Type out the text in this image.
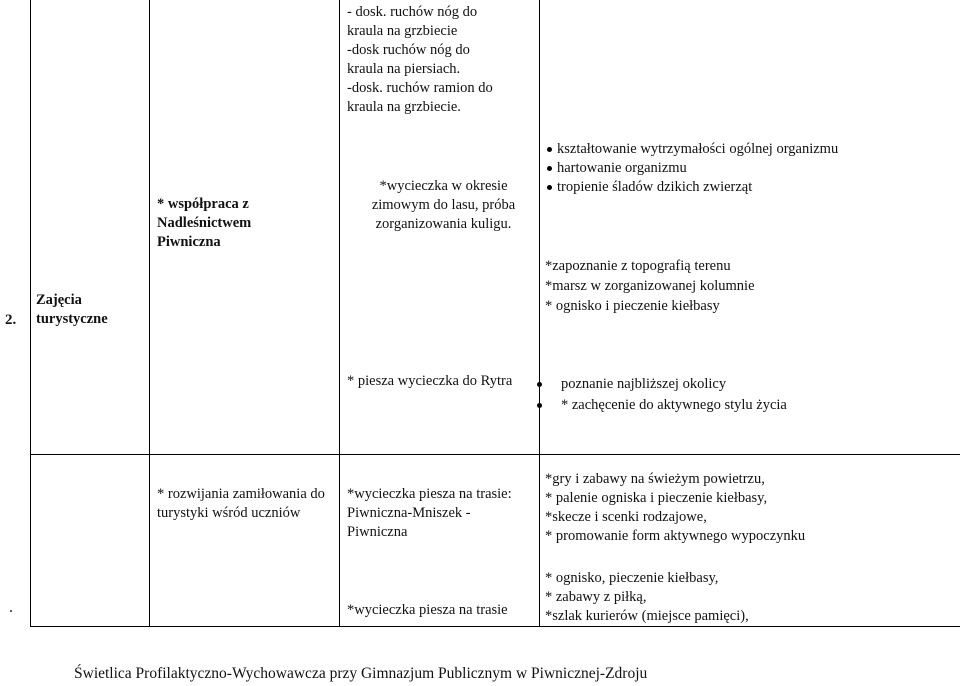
2.
.
Zajęcia turystyczne
* współpraca z Nadleśnictwem Piwniczna
* rozwijania zamiłowania do turystyki wśród uczniów
- dosk. ruchów nóg do
kraula na grzbiecie
-dosk ruchów nóg do
kraula na piersiach.
-dosk. ruchów ramion do
kraula na grzbiecie.
*wycieczka w okresie zimowym do lasu, próba zorganizowania kuligu.
* piesza wycieczka do Rytra
*wycieczka piesza na trasie: Piwniczna-Mniszek -Piwniczna
*wycieczka piesza na trasie
kształtowanie wytrzymałości ogólnej organizmu
hartowanie organizmu
tropienie śladów dzikich zwierząt
*zapoznanie z topografią terenu
*marsz w zorganizowanej kolumnie
* ognisko i pieczenie kiełbasy
poznanie najbliższej okolicy
* zachęcenie do aktywnego stylu życia
*gry i zabawy na świeżym powietrzu,
* palenie ogniska i pieczenie kiełbasy,
*skecze i scenki rodzajowe,
* promowanie form aktywnego wypoczynku
* ognisko, pieczenie kiełbasy,
* zabawy z piłką,
*szlak kurierów (miejsce pamięci),
Świetlica Profilaktyczno-Wychowawcza przy Gimnazjum Publicznym w Piwnicznej-Zdroju
